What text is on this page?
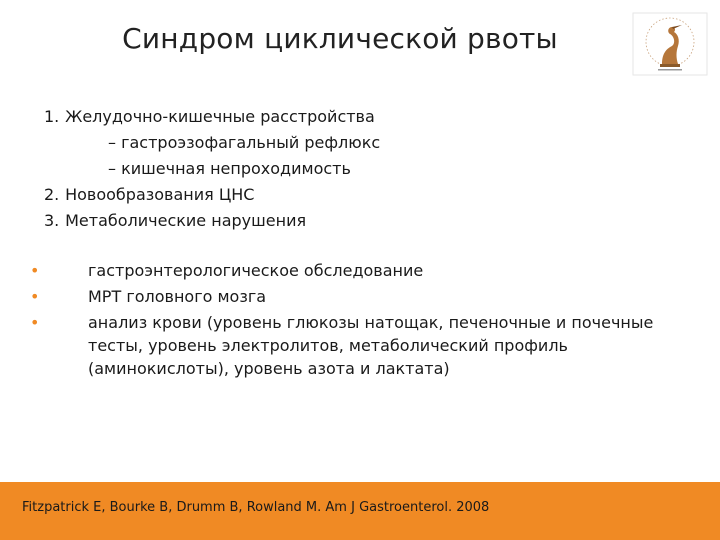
Синдром циклической рвоты
1. Желудочно-кишечные расстройства
– гастроэзофагальный рефлюкс
– кишечная непроходимость
2. Новообразования ЦНС
3. Метаболические нарушения
•	гастроэнтерологическое обследование
•	МРТ головного мозга
•	анализ крови (уровень глюкозы натощак, печеночные и почечные тесты, уровень электролитов, метаболический профиль (аминокислоты), уровень азота и лактата)
Fitzpatrick E, Bourke B, Drumm B, Rowland M. Am J Gastroenterol. 2008
